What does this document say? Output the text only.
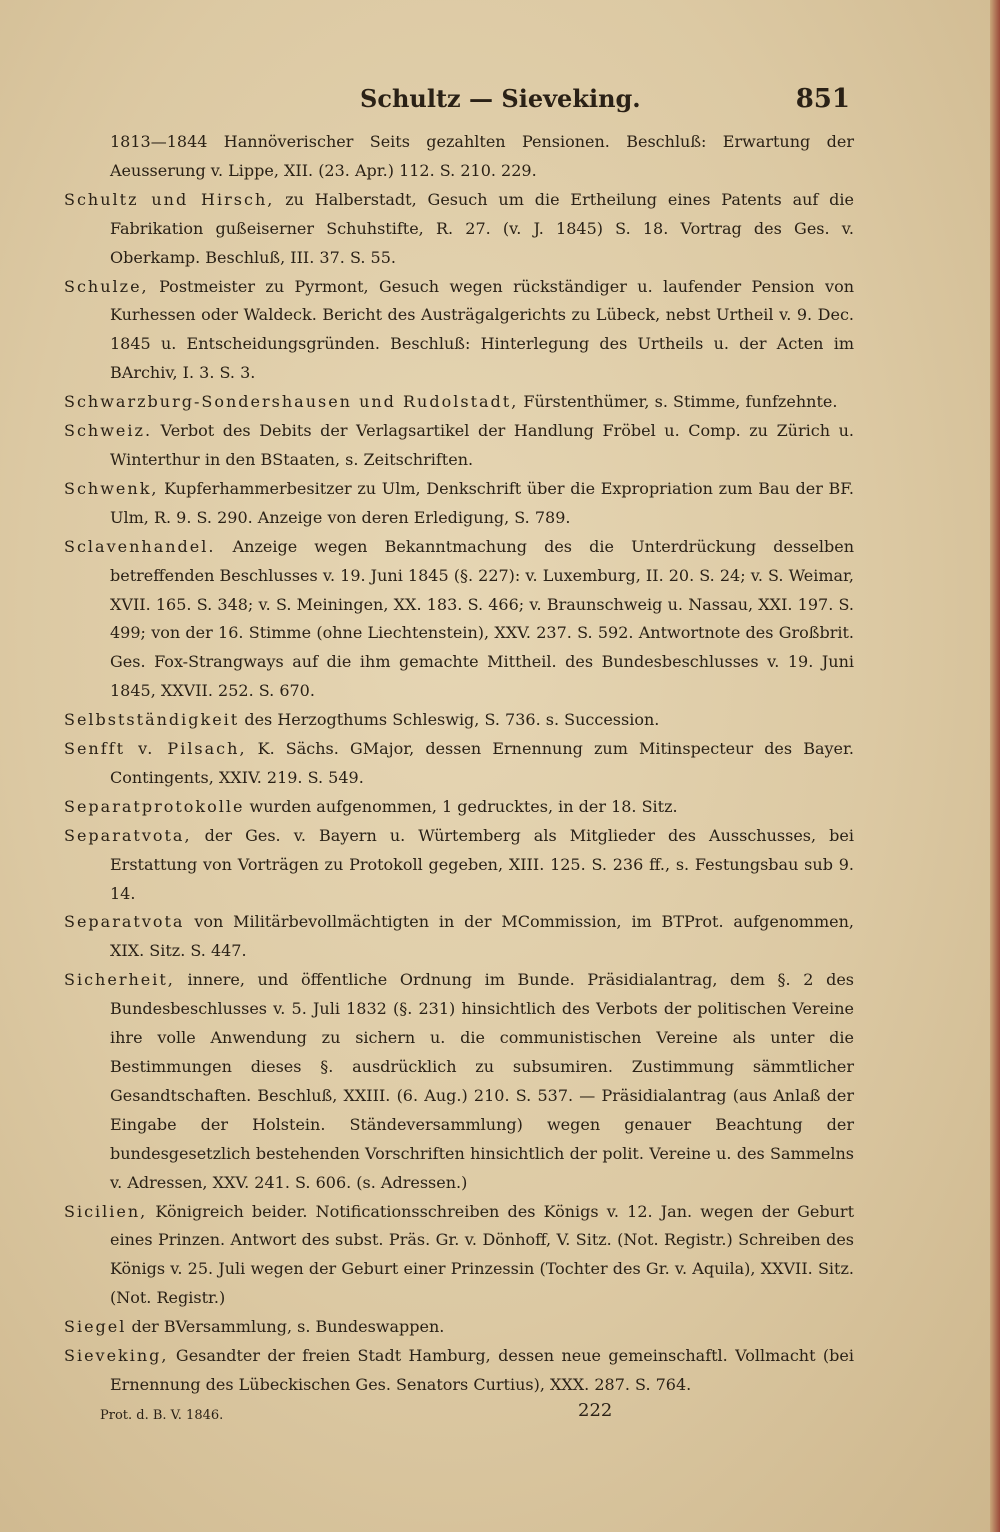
Schultz — Sieveking.	851

1813—1844 Hannöverischer Seits gezahlten Pensionen. Beschluß: Erwartung der Aeusserung v. Lippe, XII. (23. Apr.) 112. S. 210. 229.

Schultz und Hirsch, zu Halberstadt, Gesuch um die Ertheilung eines Patents auf die Fabrikation gußeiserner Schuhstifte, R. 27. (v. J. 1845) S. 18. Vortrag des Ges. v. Oberkamp. Beschluß, III. 37. S. 55.

Schulze, Postmeister zu Pyrmont, Gesuch wegen rückständiger u. laufender Pension von Kurhessen oder Waldeck. Bericht des Austrägalgerichts zu Lübeck, nebst Urtheil v. 9. Dec. 1845 u. Entscheidungsgründen. Beschluß: Hinterlegung des Urtheils u. der Acten im BArchiv, I. 3. S. 3.

Schwarzburg-Sondershausen und Rudolstadt, Fürstenthümer, s. Stimme, funfzehnte.

Schweiz. Verbot des Debits der Verlagsartikel der Handlung Fröbel u. Comp. zu Zürich u. Winterthur in den BStaaten, s. Zeitschriften.

Schwenk, Kupferhammerbesitzer zu Ulm, Denkschrift über die Expropriation zum Bau der BF. Ulm, R. 9. S. 290. Anzeige von deren Erledigung, S. 789.

Sclavenhandel. Anzeige wegen Bekanntmachung des die Unterdrückung desselben betreffenden Beschlusses v. 19. Juni 1845 (§. 227): v. Luxemburg, II. 20. S. 24; v. S. Weimar, XVII. 165. S. 348; v. S. Meiningen, XX. 183. S. 466; v. Braunschweig u. Nassau, XXI. 197. S. 499; von der 16. Stimme (ohne Liechtenstein), XXV. 237. S. 592. Antwortnote des Großbrit. Ges. Fox-Strangways auf die ihm gemachte Mittheil. des Bundesbeschlusses v. 19. Juni 1845, XXVII. 252. S. 670.

Selbstständigkeit des Herzogthums Schleswig, S. 736. s. Succession.

Senfft v. Pilsach, K. Sächs. GMajor, dessen Ernennung zum Mitinspecteur des Bayer. Contingents, XXIV. 219. S. 549.

Separatprotokolle wurden aufgenommen, 1 gedrucktes, in der 18. Sitz.

Separatvota, der Ges. v. Bayern u. Würtemberg als Mitglieder des Ausschusses, bei Erstattung von Vorträgen zu Protokoll gegeben, XIII. 125. S. 236 ff., s. Festungsbau sub 9. 14.

Separatvota von Militärbevollmächtigten in der MCommission, im BTProt. aufgenommen, XIX. Sitz. S. 447.

Sicherheit, innere, und öffentliche Ordnung im Bunde. Präsidialantrag, dem §. 2 des Bundesbeschlusses v. 5. Juli 1832 (§. 231) hinsichtlich des Verbots der politischen Vereine ihre volle Anwendung zu sichern u. die communistischen Vereine als unter die Bestimmungen dieses §. ausdrücklich zu subsumiren. Zustimmung sämmtlicher Gesandtschaften. Beschluß, XXIII. (6. Aug.) 210. S. 537. — Präsidialantrag (aus Anlaß der Eingabe der Holstein. Ständeversammlung) wegen genauer Beachtung der bundesgesetzlich bestehenden Vorschriften hinsichtlich der polit. Vereine u. des Sammelns v. Adressen, XXV. 241. S. 606. (s. Adressen.)

Sicilien, Königreich beider. Notificationsschreiben des Königs v. 12. Jan. wegen der Geburt eines Prinzen. Antwort des subst. Präs. Gr. v. Dönhoff, V. Sitz. (Not. Registr.) Schreiben des Königs v. 25. Juli wegen der Geburt einer Prinzessin (Tochter des Gr. v. Aquila), XXVII. Sitz. (Not. Registr.)

Siegel der BVersammlung, s. Bundeswappen.

Sieveking, Gesandter der freien Stadt Hamburg, dessen neue gemeinschaftl. Vollmacht (bei Ernennung des Lübeckischen Ges. Senators Curtius), XXX. 287. S. 764.

Prot. d. B. V. 1846.	222
